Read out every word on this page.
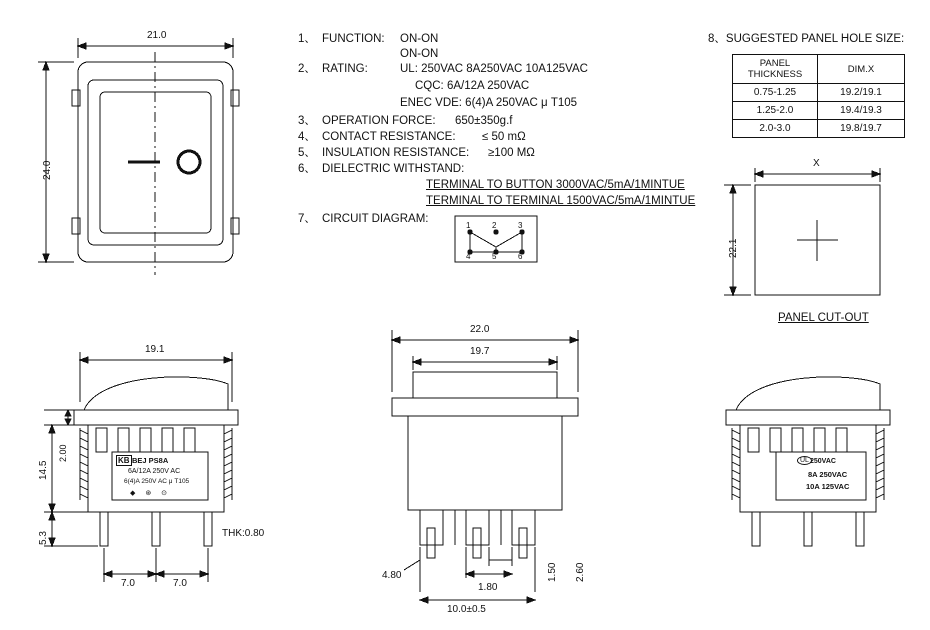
21.0
24.0
1、 FUNCTION: ON-ON
ON-ON
2、 RATING:	UL: 250VAC 8A250VAC 10A125VAC
CQC: 6A/12A 250VAC
ENEC VDE: 6(4)A 250VAC μ T105
3、 OPERATION FORCE: 650±350g.f
4、 CONTACT RESISTANCE: ≤ 50 mΩ
5、 INSULATION RESISTANCE: ≥100 MΩ
6、 DIELECTRIC WITHSTAND:
TERMINAL TO BUTTON 3000VAC/5mA/1MINTUE
TERMINAL TO TERMINAL 1500VAC/5mA/1MINTUE
7、 CIRCUIT DIAGRAM:
1	2	3
4	5	6
8、SUGGESTED PANEL HOLE SIZE:
PANEL
THICKNESS	DIM.X
0.75-1.25	19.2/19.1
1.25-2.0	19.4/19.3
2.0-3.0	19.8/19.7
X
22.1
PANEL CUT-OUT
19.1
14.5
2.00
5.3
7.0	7.0
THK:0.80
KB BEJ PS8A
6A/12A 250V AC
6(4)A 250V AC μ T105
◆ ⊛ ⊙
22.0
19.7
4.80
1.80
1.50 2.60
10.0±0.5
UL 250VAC
8A 250VAC
10A 125VAC
